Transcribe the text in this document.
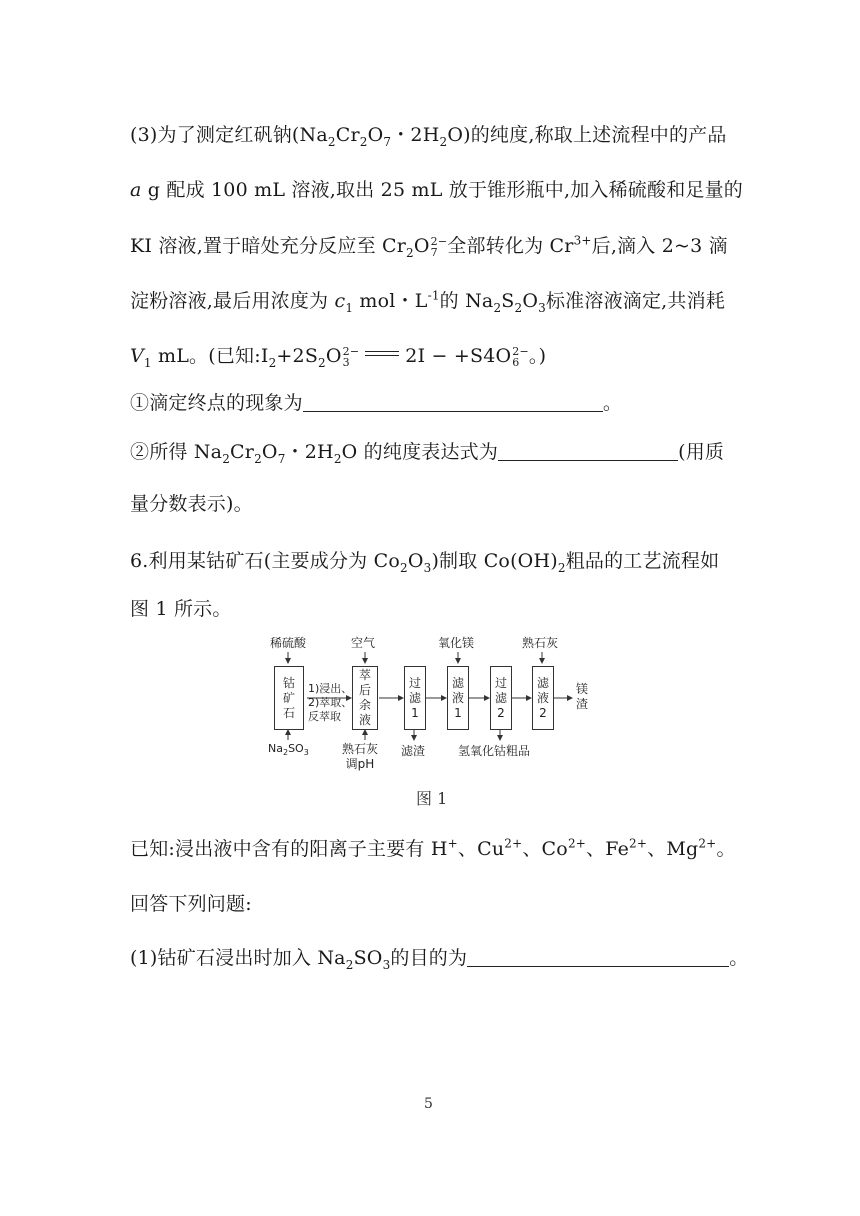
(3)为了测定红矾钠($Na_2Cr_2O_7$・$2H_2O$)的纯度,称取上述流程中的产品
a g 配成 100 mL 溶液,取出 25 mL 放于锥形瓶中,加入稀硫酸和足量的
KI 溶液,置于暗处充分反应至 $Cr_2O$ 2−
7 全部转化为 $Cr^{3+}$后,滴入 2~3 滴
淀粉溶液,最后用浓度为 $c_1$ mol・$L^{-1}$的 $Na_2S_2O_3$标准溶液滴定,共消耗
$V_1$ mL。(已知$:I_2+2S_2O$ 2−
3	2I − +S4O 2−
6 。)
①滴定终点的现象为	。
②所得 $Na_2Cr_2O_7$・$2H_2O$ 的纯度表达式为	(用质
量分数表示)。
6.利用某钴矿石(主要成分为 $Co_2O_3$)制取 $Co(OH)_2$粗品的工艺流程如
图 1 所示。
稀硫酸	空气	氧化镁	熟石灰
钴
矿
石
1)浸出、
2)萃取、
反萃取
萃
后
余
液
过
滤
1
滤
液
1
过
滤
2
滤
液
2
镁
渣
$Na_2SO_3$	熟石灰
调pH
滤渣	氢氧化钴粗品
图 1
已知:浸出液中含有的阳离子主要有 H+、$Cu^{2+}$、$Co^{2+}$、$Fe^{2+}$、$Mg^{2+}$。
回答下列问题:
(1)钴矿石浸出时加入 $Na_2SO_3$的目的为	。
5
